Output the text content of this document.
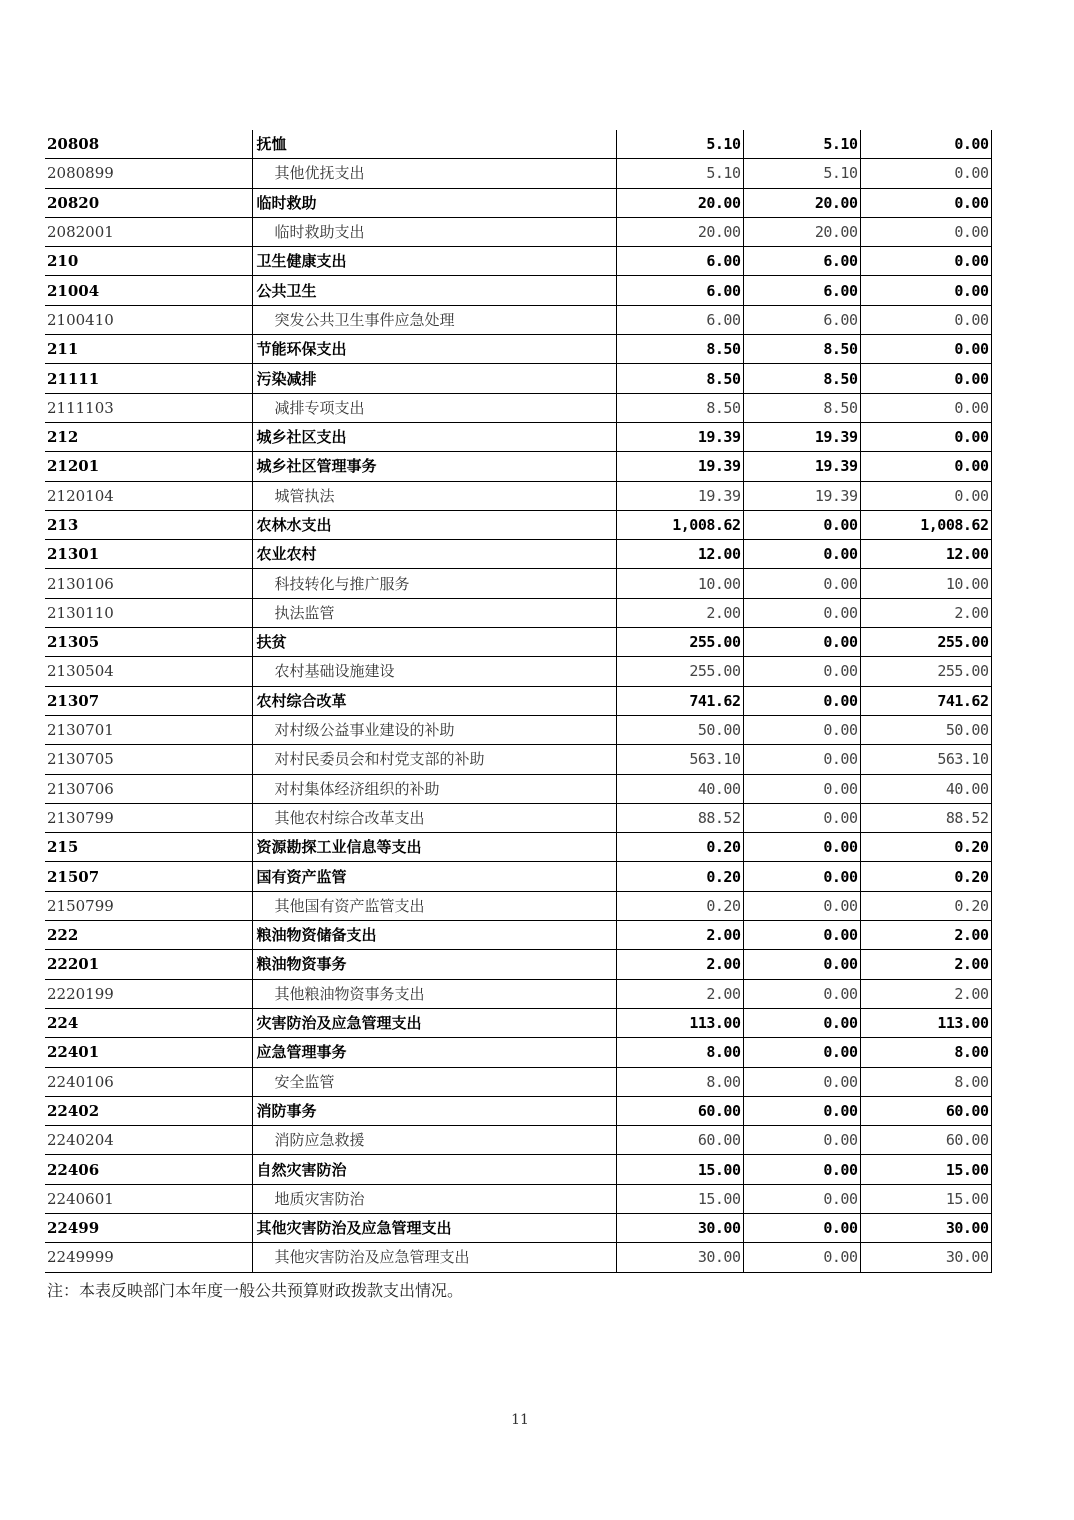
20808	抚恤	5.10	5.10	0.00
2080899	其他优抚支出	5.10	5.10	0.00
20820	临时救助	20.00	20.00	0.00
2082001	临时救助支出	20.00	20.00	0.00
210	卫生健康支出	6.00	6.00	0.00
21004	公共卫生	6.00	6.00	0.00
2100410	突发公共卫生事件应急处理	6.00	6.00	0.00
211	节能环保支出	8.50	8.50	0.00
21111	污染减排	8.50	8.50	0.00
2111103	减排专项支出	8.50	8.50	0.00
212	城乡社区支出	19.39	19.39	0.00
21201	城乡社区管理事务	19.39	19.39	0.00
2120104	城管执法	19.39	19.39	0.00
213	农林水支出	1,008.62	0.00	1,008.62
21301	农业农村	12.00	0.00	12.00
2130106	科技转化与推广服务	10.00	0.00	10.00
2130110	执法监管	2.00	0.00	2.00
21305	扶贫	255.00	0.00	255.00
2130504	农村基础设施建设	255.00	0.00	255.00
21307	农村综合改革	741.62	0.00	741.62
2130701	对村级公益事业建设的补助	50.00	0.00	50.00
2130705	对村民委员会和村党支部的补助	563.10	0.00	563.10
2130706	对村集体经济组织的补助	40.00	0.00	40.00
2130799	其他农村综合改革支出	88.52	0.00	88.52
215	资源勘探工业信息等支出	0.20	0.00	0.20
21507	国有资产监管	0.20	0.00	0.20
2150799	其他国有资产监管支出	0.20	0.00	0.20
222	粮油物资储备支出	2.00	0.00	2.00
22201	粮油物资事务	2.00	0.00	2.00
2220199	其他粮油物资事务支出	2.00	0.00	2.00
224	灾害防治及应急管理支出	113.00	0.00	113.00
22401	应急管理事务	8.00	0.00	8.00
2240106	安全监管	8.00	0.00	8.00
22402	消防事务	60.00	0.00	60.00
2240204	消防应急救援	60.00	0.00	60.00
22406	自然灾害防治	15.00	0.00	15.00
2240601	地质灾害防治	15.00	0.00	15.00
22499	其他灾害防治及应急管理支出	30.00	0.00	30.00
2249999	其他灾害防治及应急管理支出	30.00	0.00	30.00
注：本表反映部门本年度一般公共预算财政拨款支出情况。
11
